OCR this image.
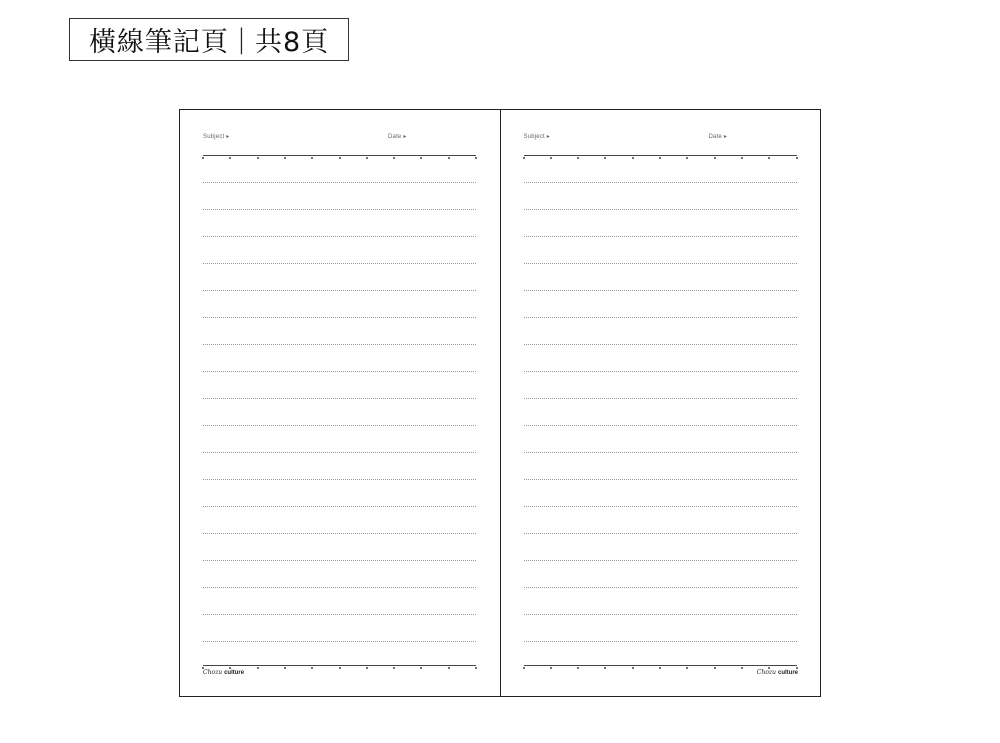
橫線筆記頁 | 共8頁
Subject ▸	Date ▸
Chozu culture
Subject ▸	Date ▸
Chozu culture
